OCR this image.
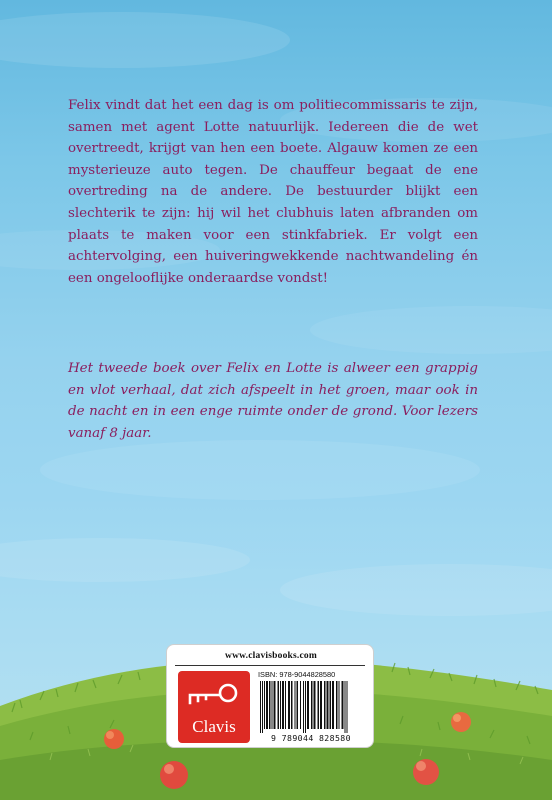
Felix vindt dat het een dag is om politiecommissaris te zijn, samen met agent Lotte natuurlijk. Iedereen die de wet overtreedt, krijgt van hen een boete. Algauw komen ze een mysterieuze auto tegen. De chauffeur begaat de ene overtreding na de andere. De bestuurder blijkt een slechterik te zijn: hij wil het clubhuis laten afbranden om plaats te maken voor een stinkfabriek. Er volgt een achtervolging, een huiveringwekkende nachtwandeling én een ongelooflijke onderaardse vondst!
Het tweede boek over Felix en Lotte is alweer een grappig en vlot verhaal, dat zich afspeelt in het groen, maar ook in de nacht en in een enge ruimte onder de grond. Voor lezers vanaf 8 jaar.
www.clavisbooks.com
Clavis
ISBN: 978-9044828580
9 789044 828580
